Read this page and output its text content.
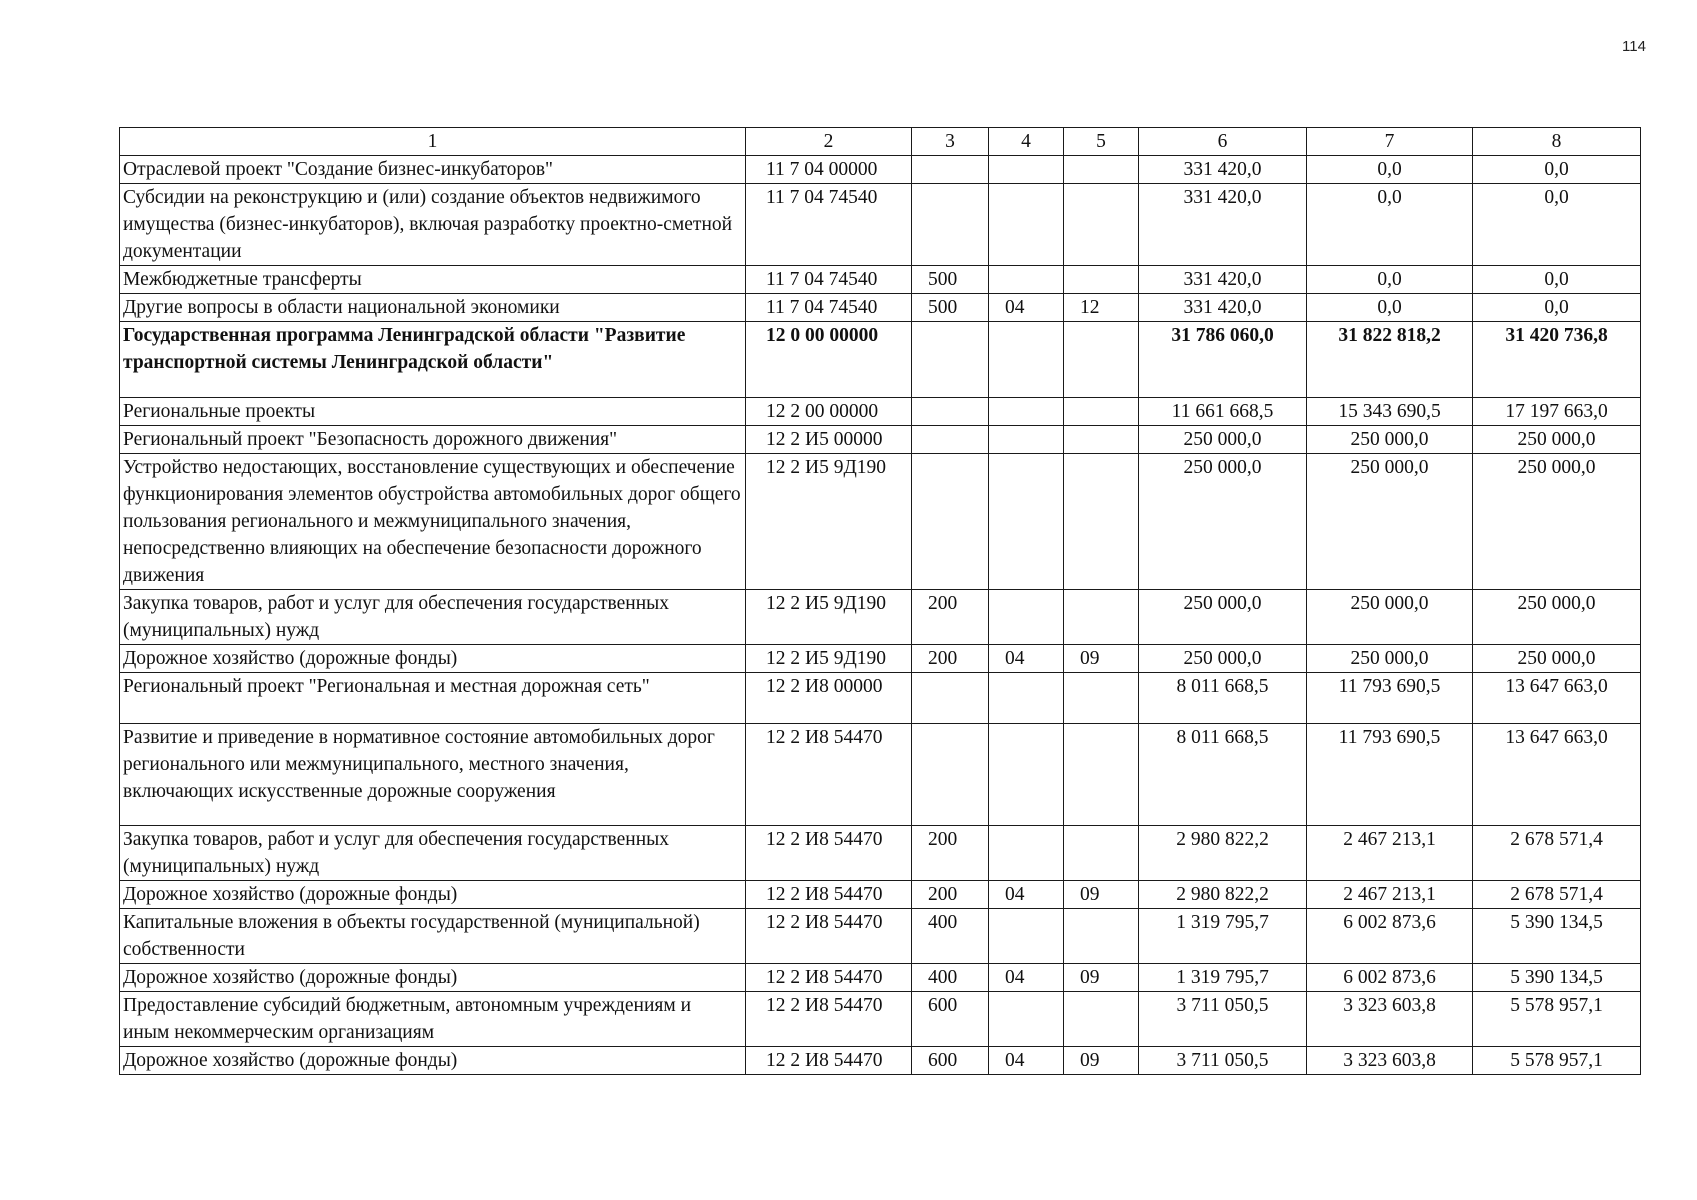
114
1	2	3	4	5	6	7	8
Отраслевой проект "Создание бизнес-инкубаторов"	11 7 04 00000				331 420,0	0,0	0,0
Субсидии на реконструкцию и (или) создание объектов недвижимого имущества (бизнес-инкубаторов), включая разработку проектно-сметной документации	11 7 04 74540				331 420,0	0,0	0,0
Межбюджетные трансферты	11 7 04 74540	500			331 420,0	0,0	0,0
Другие вопросы в области национальной экономики	11 7 04 74540	500	04	12	331 420,0	0,0	0,0
Государственная программа Ленинградской области "Развитие транспортной системы Ленинградской области"	12 0 00 00000				31 786 060,0	31 822 818,2	31 420 736,8
Региональные проекты	12 2 00 00000				11 661 668,5	15 343 690,5	17 197 663,0
Региональный проект "Безопасность дорожного движения"	12 2 И5 00000				250 000,0	250 000,0	250 000,0
Устройство недостающих, восстановление существующих и обеспечение функционирования элементов обустройства автомобильных дорог общего пользования регионального и межмуниципального значения, непосредственно влияющих на обеспечение безопасности дорожного движения	12 2 И5 9Д190				250 000,0	250 000,0	250 000,0
Закупка товаров, работ и услуг для обеспечения государственных (муниципальных) нужд	12 2 И5 9Д190	200			250 000,0	250 000,0	250 000,0
Дорожное хозяйство (дорожные фонды)	12 2 И5 9Д190	200	04	09	250 000,0	250 000,0	250 000,0
Региональный проект "Региональная и местная дорожная сеть"	12 2 И8 00000				8 011 668,5	11 793 690,5	13 647 663,0
Развитие и приведение в нормативное состояние автомобильных дорог регионального или межмуниципального, местного значения, включающих искусственные дорожные сооружения	12 2 И8 54470				8 011 668,5	11 793 690,5	13 647 663,0
Закупка товаров, работ и услуг для обеспечения государственных (муниципальных) нужд	12 2 И8 54470	200			2 980 822,2	2 467 213,1	2 678 571,4
Дорожное хозяйство (дорожные фонды)	12 2 И8 54470	200	04	09	2 980 822,2	2 467 213,1	2 678 571,4
Капитальные вложения в объекты государственной (муниципальной) собственности	12 2 И8 54470	400			1 319 795,7	6 002 873,6	5 390 134,5
Дорожное хозяйство (дорожные фонды)	12 2 И8 54470	400	04	09	1 319 795,7	6 002 873,6	5 390 134,5
Предоставление субсидий бюджетным, автономным учреждениям и иным некоммерческим организациям	12 2 И8 54470	600			3 711 050,5	3 323 603,8	5 578 957,1
Дорожное хозяйство (дорожные фонды)	12 2 И8 54470	600	04	09	3 711 050,5	3 323 603,8	5 578 957,1
